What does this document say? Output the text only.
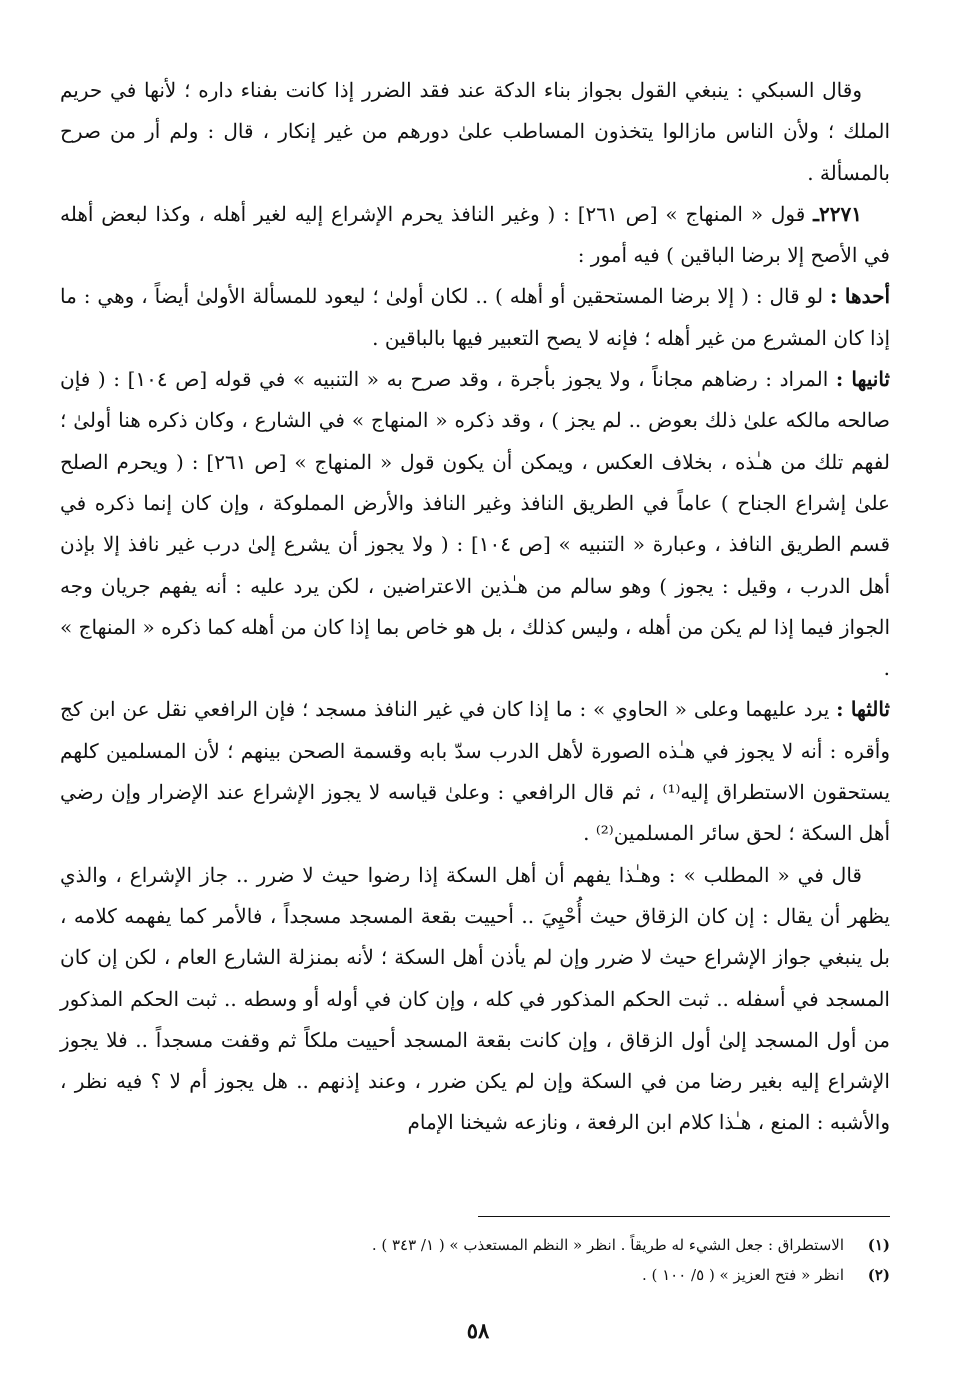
وقال السبكي : ينبغي القول بجواز بناء الدكة عند فقد الضرر إذا كانت بفناء داره ؛ لأنها في حريم الملك ؛ ولأن الناس مازالوا يتخذون المساطب علىٰ دورهم من غير إنكار ، قال : ولم أر من صرح بالمسألة .

٢٢٧١ـ قول « المنهاج » [ص ٢٦١] : ( وغير النافذ يحرم الإشراع إليه لغير أهله ، وكذا لبعض أهله في الأصح إلا برضا الباقين ) فيه أمور :

أحدها : لو قال : ( إلا برضا المستحقين أو أهله ) .. لكان أولىٰ ؛ ليعود للمسألة الأولىٰ أيضاً ، وهي : ما إذا كان المشرع من غير أهله ؛ فإنه لا يصح التعبير فيها بالباقين .

ثانيها : المراد : رضاهم مجاناً ، ولا يجوز بأجرة ، وقد صرح به « التنبيه » في قوله [ص ١٠٤] : ( فإن صالحه مالكه علىٰ ذلك بعوض .. لم يجز ) ، وقد ذكره « المنهاج » في الشارع ، وكان ذكره هنا أولىٰ ؛ لفهم تلك من هـٰذه ، بخلاف العكس ، ويمكن أن يكون قول « المنهاج » [ص ٢٦١] : ( ويحرم الصلح علىٰ إشراع الجناح ) عاماً في الطريق النافذ وغير النافذ والأرض المملوكة ، وإن كان إنما ذكره في قسم الطريق النافذ ، وعبارة « التنبيه » [ص ١٠٤] : ( ولا يجوز أن يشرع إلىٰ درب غير نافذ إلا بإذن أهل الدرب ، وقيل : يجوز ) وهو سالم من هـٰذين الاعتراضين ، لكن يرد عليه : أنه يفهم جريان وجه الجواز فيما إذا لم يكن من أهله ، وليس كذلك ، بل هو خاص بما إذا كان من أهله كما ذكره « المنهاج » .

ثالثها : يرد عليهما وعلى « الحاوي » : ما إذا كان في غير النافذ مسجد ؛ فإن الرافعي نقل عن ابن كج وأقره : أنه لا يجوز في هـٰذه الصورة لأهل الدرب سدّ بابه وقسمة الصحن بينهم ؛ لأن المسلمين كلهم يستحقون الاستطراق إليه⁽¹⁾ ، ثم قال الرافعي : وعلىٰ قياسه لا يجوز الإشراع عند الإضرار وإن رضي أهل السكة ؛ لحق سائر المسلمين⁽²⁾ .

قال في « المطلب » : وهـٰذا يفهم أن أهل السكة إذا رضوا حيث لا ضرر .. جاز الإشراع ، والذي يظهر أن يقال : إن كان الزقاق حيث أُحْيِيَ .. أحييت بقعة المسجد مسجداً ، فالأمر كما يفهمه كلامه ، بل ينبغي جواز الإشراع حيث لا ضرر وإن لم يأذن أهل السكة ؛ لأنه بمنزلة الشارع العام ، لكن إن كان المسجد في أسفله .. ثبت الحكم المذكور في كله ، وإن كان في أوله أو وسطه .. ثبت الحكم المذكور من أول المسجد إلىٰ أول الزقاق ، وإن كانت بقعة المسجد أحييت ملكاً ثم وقفت مسجداً .. فلا يجوز الإشراع إليه بغير رضا من في السكة وإن لم يكن ضرر ، وعند إذنهم .. هل يجوز أم لا ؟ فيه نظر ، والأشبه : المنع ، هـٰذا كلام ابن الرفعة ، ونازعه شيخنا الإمام

(١)
الاستطراق : جعل الشيء له طريقاً . انظر « النظم المستعذب » ( ١/ ٣٤٣ ) .
(٢)
انظر « فتح العزيز » ( ٥/ ١٠٠ ) .
٥٨
